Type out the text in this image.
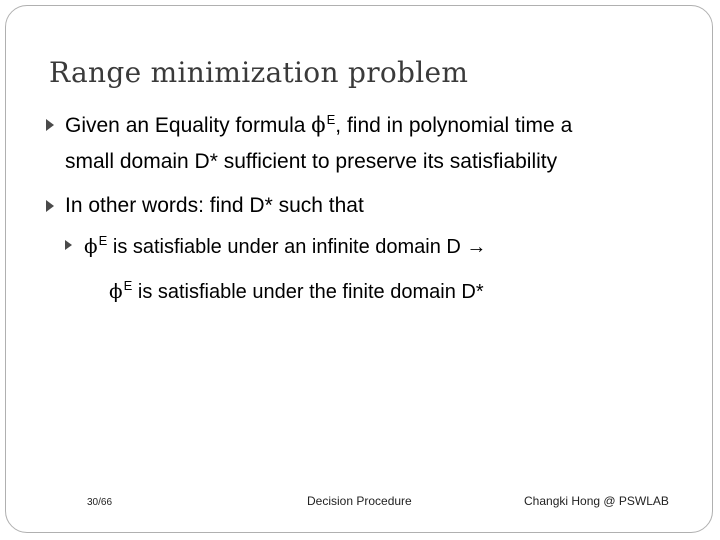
Range minimization problem
Given an Equality formula $\phi^E$, find in polynomial time a
small domain D* sufficient to preserve its satisfiability
In other words: find D* such that
$\phi^E$ is satisfiable under an infinite domain D →
$\phi^E$ is satisfiable under the finite domain D*
30/66	Decision Procedure	Changki Hong @ PSWLAB
